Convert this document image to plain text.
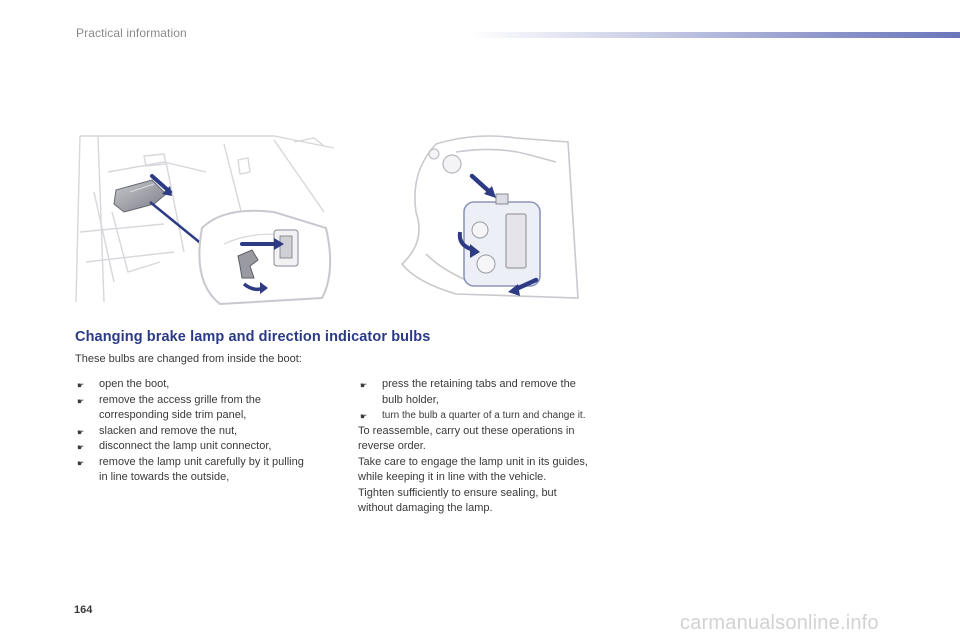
Practical information
Changing brake lamp and direction indicator bulbs
These bulbs are changed from inside the boot:
☛ open the boot,
☛ remove the access grille from the
corresponding side trim panel,
☛ slacken and remove the nut,
☛ disconnect the lamp unit connector,
☛ remove the lamp unit carefully by it pulling
in line towards the outside,
☛ press the retaining tabs and remove the
bulb holder,
☛ turn the bulb a quarter of a turn and change it.
To reassemble, carry out these operations in
reverse order.
Take care to engage the lamp unit in its guides,
while keeping it in line with the vehicle.
Tighten sufficiently to ensure sealing, but
without damaging the lamp.
164
carmanualsonline.info
